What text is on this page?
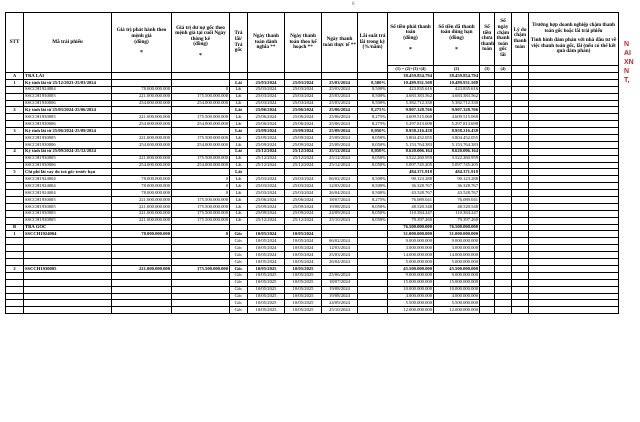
6
STT	Mã trái phiếu	Giá trị phát hành theo mệnh giá
(đồng)
*	Giá trị dư nợ gốc theo mệnh giá tại cuối Ngày thông kê
(đồng)
*	Trả lãi/ Trả gốc	Ngày thanh toán dành nghĩa **	Ngày thanh toán theo kế hoạch **	Ngày thanh toán thực tế **	Lãi suất trả lãi trong kỳ (%/năm)	Số tiền phải thanh toán
(đồng)
*	Số tiền đã thanh toán đúng hạn
(đồng)
*	Số tiền chưa thanh toán	Số ngày chậm thanh toán gốc lãi	Lý do chậm thanh toán	Trường hợp doanh nghiệp chậm thanh toán gốc hoặc lãi trái phiếu
Tình hình đàm phán với nhà đầu tư về việc thanh toán gốc, lãi (nếu có thể kết quả đàm phán)
									(1) = (2)+(3)+(4)	(2)	(3)	(4)		
A	TRẢ LÃI								38.459.854.794	38.459.854.794				
1	Kỳ tính lãi từ 25/12/2023-25/03/2024			Lãi	25/03/2024	25/03/2024	25/03/2024	8,500%	10.489.931.508	10.489.931.508				
	SSCCH1924004	78.000.000.000	0	Lãi	25/03/2024	25/03/2024	25/03/2024	8,500%	423.835.616	423.835.616				
	SSCCH1930005	221.000.000.000	175.500.000.000	Lãi	25/03/2024	25/03/2024	25/03/2024	8,500%	4.683.383.562	4.683.383.562				
	SSCCH1930006	254.000.000.000	254.000.000.000	Lãi	25/03/2024	25/03/2024	25/03/2024	8,500%	5.382.712.330	5.382.712.330				
2	Kỳ tính lãi từ 25/03/2024-25/06/2024			Lãi	25/06/2024	25/06/2024	25/06/2024	8,275%	9.907.328.766	9.907.328.766				
	SSCCH1930005	221.000.000.000	175.500.000.000	Lãi	25/06/2024	25/06/2024	25/06/2024	8,275%	4.609.515.068	4.609.515.068				
	SSCCH1930006	254.000.000.000	254.000.000.000	Lãi	25/06/2024	25/06/2024	25/06/2024	8,275%	5.297.813.698	5.297.813.698				
3	Kỳ tính lãi từ 25/06/2024-25/09/2024			Lãi	25/09/2024	25/09/2024	25/09/2024	8,050%	8.958.216.438	8.958.216.438				
	SSCCH1930005	221.000.000.000	175.500.000.000	Lãi	25/09/2024	25/09/2024	25/09/2024	8,050%	3.804.452.055	3.804.452.055				
	SSCCH1930006	254.000.000.000	254.000.000.000	Lãi	25/09/2024	25/09/2024	25/09/2024	8,050%	5.153.764.383	5.153.764.383				
4	Kỳ tính lãi từ 25/09/2024-25/12/2024			Lãi	25/12/2024	25/12/2024	25/12/2024	8,050%	8.620.006.164	8.620.006.164				
	SSCCH1930005	221.000.000.000	175.500.000.000	Lãi	25/12/2024	25/12/2024	25/12/2024	8,050%	3.522.260.959	3.522.260.959				
	SSCCH1930006	254.000.000.000	254.000.000.000	Lãi	25/12/2024	25/12/2024	25/12/2024	8,050%	5.097.745.205	5.097.745.205				
5	Chi phí lãi vay do trả gốc trước hạn			Lãi					484.371.918	484.371.918				
	SSCCH1924004	78.000.000.000	0	Lãi	25/03/2024	25/03/2024	06/02/2024	8,500%	90.123.288	90.123.288				
	SSCCH1924004	78.000.000.000	0	Lãi	25/03/2024	25/03/2024	12/03/2024	8,500%	36.328.767	36.328.767				
	SSCCH1924004	78.000.000.000	0	Lãi	25/03/2024	25/03/2024	26/04/2024	8,500%	43.528.767	43.528.767				
	SSCCH1930005	221.000.000.000	175.500.000.000	Lãi	25/06/2024	25/06/2024	18/07/2024	8,275%	76.089.041	76.089.041				
	SSCCH1930005	221.000.000.000	175.500.000.000	Lãi	25/09/2024	25/09/2024	19/08/2024	8,050%	48.520.548	48.520.548				
	SSCCH1930005	221.000.000.000	175.500.000.000	Lãi	25/09/2024	25/09/2024	24/09/2024	8,050%	110.384.247	110.384.247				
	SSCCH1930005	221.000.000.000	175.500.000.000	Lãi	25/12/2024	25/12/2024	25/10/2024	8,050%	79.397.260	79.397.260				
B	TRẢ GỐC								76.500.000.000	76.500.000.000				
1	SSCCH1924004	78.000.000.000	0	Gốc	10/05/2024	10/05/2024			31.000.000.000	31.000.000.000				
				Gốc	10/05/2024	10/05/2024	06/02/2024		9.000.000.000	9.000.000.000				
				Gốc	10/05/2024	10/05/2024	12/03/2024		3.000.000.000	3.000.000.000				
				Gốc	10/05/2024	10/05/2024	25/03/2024		14.000.000.000	14.000.000.000				
				Gốc	10/05/2024	10/05/2024	26/04/2024		5.000.000.000	5.000.000.000				
2	SSCCH1930005	221.000.000.000	175.500.000.000	Gốc	10/05/2025	10/05/2025			45.500.000.000	45.500.000.000				
				Gốc	10/05/2025	10/05/2025	25/06/2024		9.000.000.000	9.000.000.000				
				Gốc	10/05/2025	10/05/2025	18/07/2024		15.000.000.000	15.000.000.000				
				Gốc	10/05/2025	10/05/2025	19/08/2024		10.000.000.000	10.000.000.000				
				Gốc	10/05/2025	10/05/2025	19/08/2024		4.000.000.000	4.000.000.000				
				Gốc	10/05/2025	10/05/2025	24/09/2024		5.500.000.000	5.500.000.000				
				Gốc	10/05/2025	10/05/2025	25/10/2024		12.000.000.000	12.000.000.000				
N
AI
XN
N
T,
